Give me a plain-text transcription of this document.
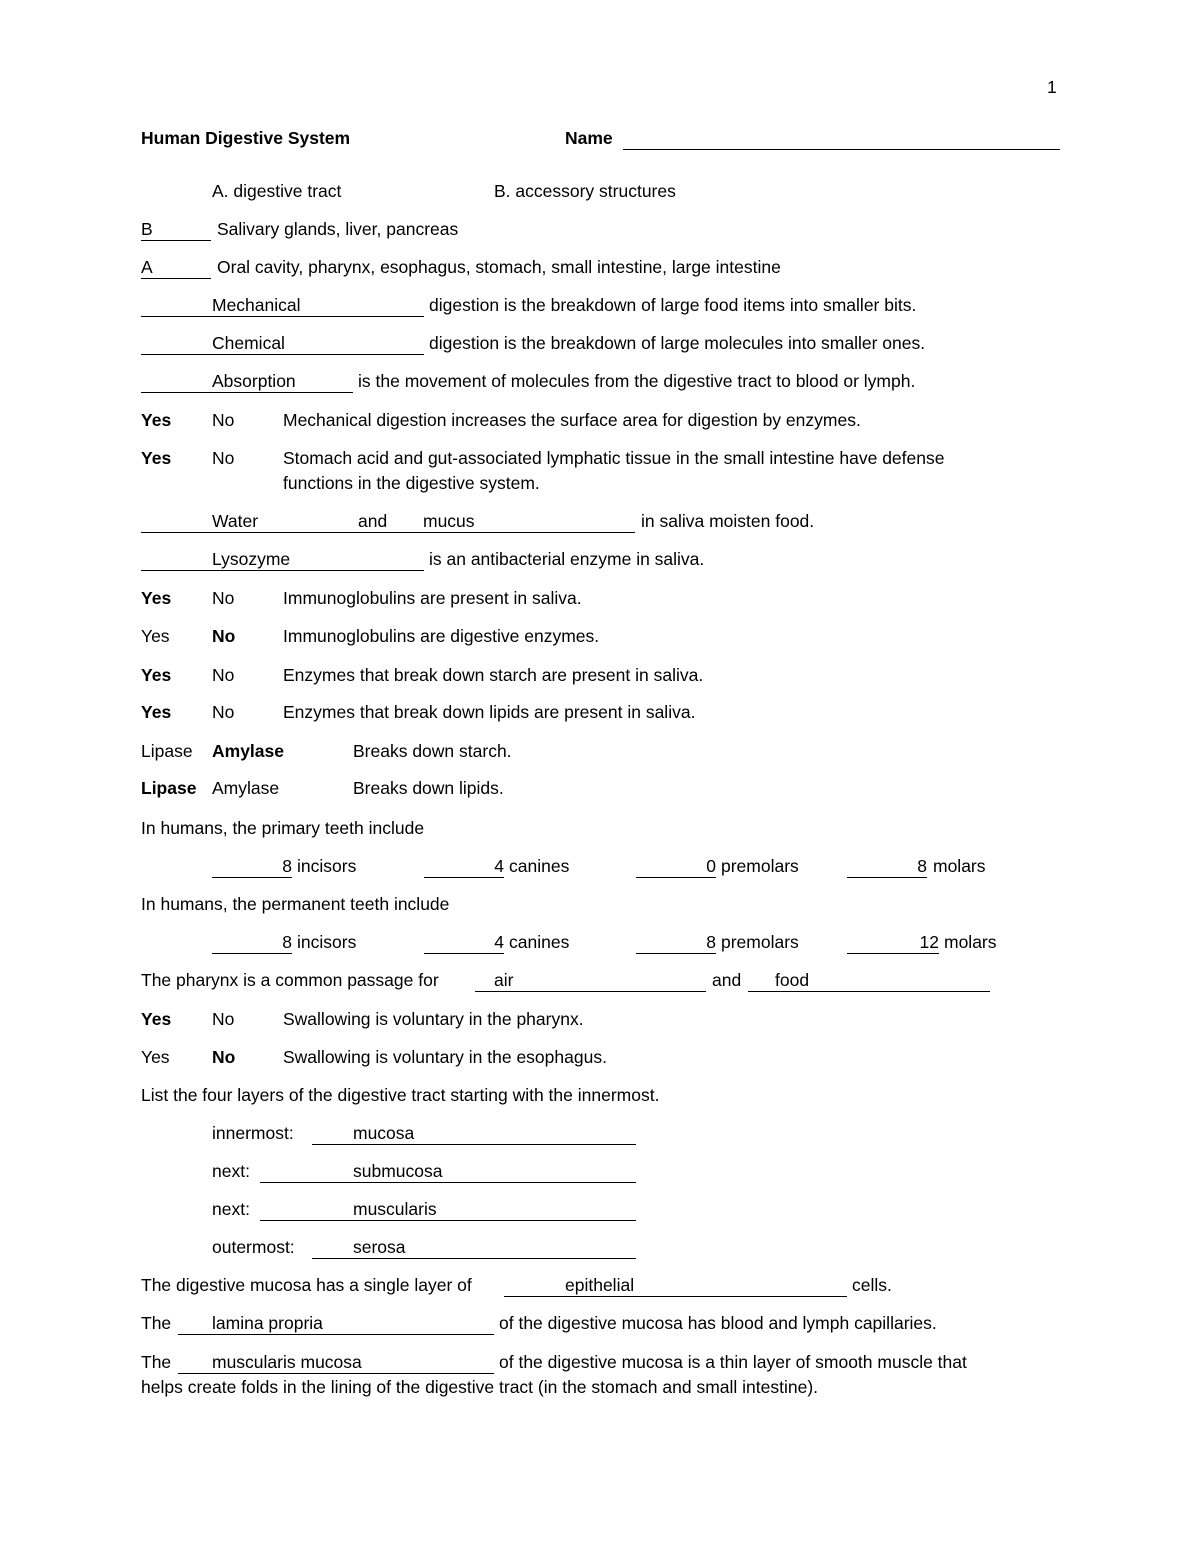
1
Human Digestive System	Name
A. digestive tract	B. accessory structures
B	Salivary glands, liver, pancreas
A	Oral cavity, pharynx, esophagus, stomach, small intestine, large intestine
Mechanical	digestion is the breakdown of large food items into smaller bits.
Chemical	digestion is the breakdown of large molecules into smaller ones.
Absorption	is the movement of molecules from the digestive tract to blood or lymph.
Yes No	Mechanical digestion increases the surface area for digestion by enzymes.
Yes No	Stomach acid and gut-associated lymphatic tissue in the small intestine have defense
functions in the digestive system.
Water	and mucus	in saliva moisten food.
Lysozyme	is an antibacterial enzyme in saliva.
Yes No	Immunoglobulins are present in saliva.
Yes No	Immunoglobulins are digestive enzymes.
Yes No	Enzymes that break down starch are present in saliva.
Yes No	Enzymes that break down lipids are present in saliva.
Lipase Amylase	Breaks down starch.
Lipase Amylase	Breaks down lipids.
In humans, the primary teeth include
8 incisors	4 canines	0 premolars	8 molars
In humans, the permanent teeth include
8 incisors	4 canines	8 premolars	12 molars
The pharynx is a common passage for	air	and	food
Yes No	Swallowing is voluntary in the pharynx.
Yes No	Swallowing is voluntary in the esophagus.
List the four layers of the digestive tract starting with the innermost.
innermost:	mucosa
next:	submucosa
next:	muscularis
outermost:	serosa
The digestive mucosa has a single layer of	epithelial	cells.
The	lamina propria	of the digestive mucosa has blood and lymph capillaries.
The	muscularis mucosa	of the digestive mucosa is a thin layer of smooth muscle that
helps create folds in the lining of the digestive tract (in the stomach and small intestine).
